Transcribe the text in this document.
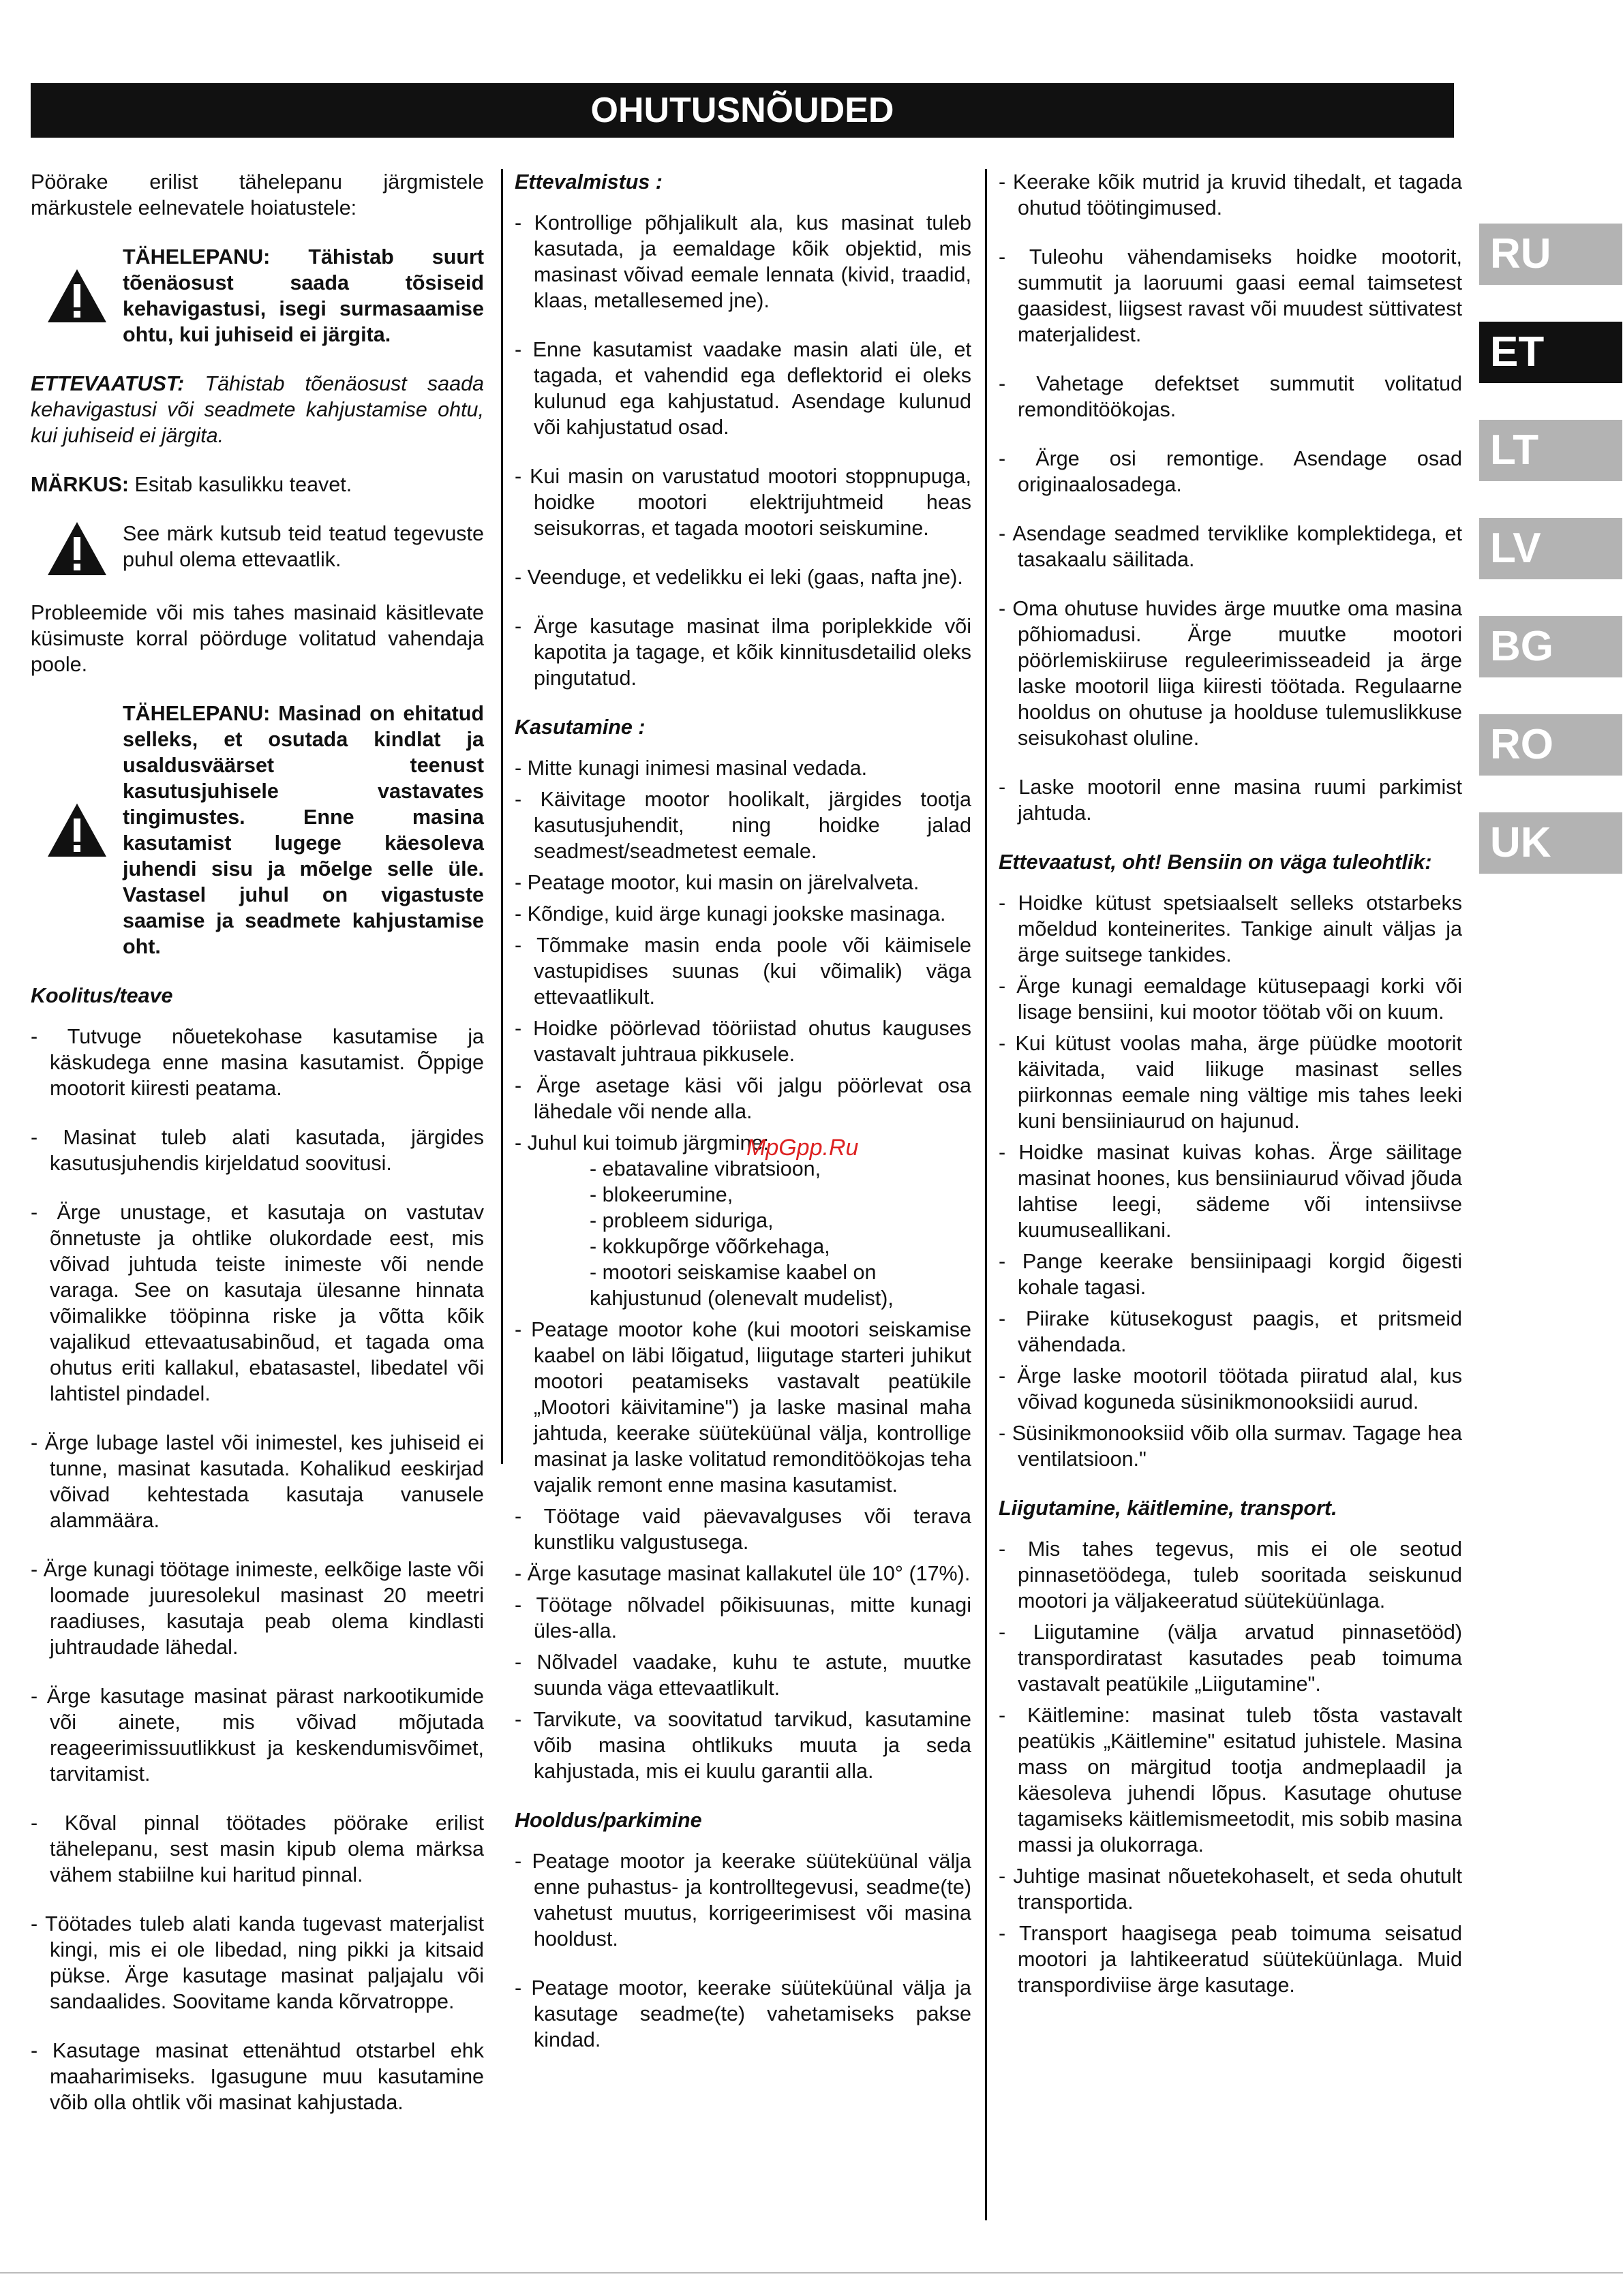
OHUTUSNÕUDED

Pöörake erilist tähelepanu järgmistele märkustele eelnevatele hoiatustele:

TÄHELEPANU: Tähistab suurt tõenäosust saada tõsiseid kehavigastusi, isegi surmasaamise ohtu, kui juhiseid ei järgita.

ETTEVAATUST: Tähistab tõenäosust saada kehavigastusi või seadmete kahjustamise ohtu, kui juhiseid ei järgita.

MÄRKUS: Esitab kasulikku teavet.

See märk kutsub teid teatud tegevuste puhul olema ettevaatlik.

Probleemide või mis tahes masinaid käsitlevate küsimuste korral pöörduge volitatud vahendaja poole.

TÄHELEPANU: Masinad on ehitatud selleks, et osutada kindlat ja usaldusväärset teenust kasutusjuhisele vastavates tingimustes. Enne masina kasutamist lugege käesoleva juhendi sisu ja mõelge selle üle. Vastasel juhul on vigastuste saamise ja seadmete kahjustamise oht.
Koolitus/teave

- Tutvuge nõuetekohase kasutamise ja käskudega enne masina kasutamist. Õppige mootorit kiiresti peatama.

- Masinat tuleb alati kasutada, järgides kasutusjuhendis kirjeldatud soovitusi.

- Ärge unustage, et kasutaja on vastutav õnnetuste ja ohtlike olukordade eest, mis võivad juhtuda teiste inimeste või nende varaga. See on kasutaja ülesanne hinnata võimalikke tööpinna riske ja võtta kõik vajalikud ettevaatusabinõud, et tagada oma ohutus eriti kallakul, ebatasastel, libedatel või lahtistel pindadel.

- Ärge lubage lastel või inimestel, kes juhiseid ei tunne, masinat kasutada. Kohalikud eeskirjad võivad kehtestada kasutaja vanusele alammäära.

- Ärge kunagi töötage inimeste, eelkõige laste või loomade juuresolekul masinast 20 meetri raadiuses, kasutaja peab olema kindlasti juhtraudade lähedal.

- Ärge kasutage masinat pärast narkootikumide või ainete, mis võivad mõjutada reageerimissuutlikkust ja keskendumisvõimet, tarvitamist.

- Kõval pinnal töötades pöörake erilist tähelepanu, sest masin kipub olema märksa vähem stabiilne kui haritud pinnal.

- Töötades tuleb alati kanda tugevast materjalist kingi, mis ei ole libedad, ning pikki ja kitsaid pükse. Ärge kasutage masinat paljajalu või sandaalides. Soovitame kanda kõrvatroppe.

- Kasutage masinat ettenähtud otstarbel ehk maaharimiseks. Igasugune muu kasutamine võib olla ohtlik või masinat kahjustada.

Ettevalmistus :

- Kontrollige põhjalikult ala, kus masinat tuleb kasutada, ja eemaldage kõik objektid, mis masinast võivad eemale lennata (kivid, traadid, klaas, metallesemed jne).

- Enne kasutamist vaadake masin alati üle, et tagada, et vahendid ega deflektorid ei oleks kulunud ega kahjustatud. Asendage kulunud või kahjustatud osad.

- Kui masin on varustatud mootori stoppnupuga, hoidke mootori elektrijuhtmeid heas seisukorras, et tagada mootori seiskumine.

- Veenduge, et vedelikku ei leki (gaas, nafta jne).

- Ärge kasutage masinat ilma poriplekkide või kapotita ja tagage, et kõik kinnitusdetailid oleks pingutatud.

Kasutamine :

- Mitte kunagi inimesi masinal vedada.

- Käivitage mootor hoolikalt, järgides tootja kasutusjuhendit, ning hoidke jalad seadmest/seadmetest eemale.

- Peatage mootor, kui masin on järelvalveta.

- Kõndige, kuid ärge kunagi jookske masinaga.

- Tõmmake masin enda poole või käimisele vastupidises suunas (kui võimalik) väga ettevaatlikult.

- Hoidke pöörlevad tööriistad ohutus kauguses vastavalt juhtraua pikkusele.

- Ärge asetage käsi või jalgu pöörlevat osa lähedale või nende alla.

- Juhul kui toimub järgmine:

- ebatavaline vibratsioon,

- blokeerumine,

- probleem siduriga,

- kokkupõrge võõrkehaga,

- mootori seiskamise kaabel on kahjustunud (olenevalt mudelist),

- Peatage mootor kohe (kui mootori seiskamise kaabel on läbi lõigatud, liigutage starteri juhikut mootori peatamiseks vastavalt peatükile „Mootori käivitamine") ja laske masinal maha jahtuda, keerake süüteküünal välja, kontrollige masinat ja laske volitatud remonditöökojas teha vajalik remont enne masina kasutamist.

- Töötage vaid päevavalguses või terava kunstliku valgustusega.

- Ärge kasutage masinat kallakutel üle 10° (17%).

- Töötage nõlvadel põikisuunas, mitte kunagi üles-alla.

- Nõlvadel vaadake, kuhu te astute, muutke suunda väga ettevaatlikult.

- Tarvikute, va soovitatud tarvikud, kasutamine võib masina ohtlikuks muuta ja seda kahjustada, mis ei kuulu garantii alla.

Hooldus/parkimine

- Peatage mootor ja keerake süüteküünal välja enne puhastus- ja kontrolltegevusi, seadme(te) vahetust muutus, korrigeerimisest või masina hooldust.

- Peatage mootor, keerake süüteküünal välja ja kasutage seadme(te) vahetamiseks pakse kindad.

- Keerake kõik mutrid ja kruvid tihedalt, et tagada ohutud töötingimused.

- Tuleohu vähendamiseks hoidke mootorit, summutit ja laoruumi gaasi eemal taimsetest gaasidest, liigsest ravast või muudest süttivatest materjalidest.

- Vahetage defektset summutit volitatud remonditöökojas.

- Ärge osi remontige. Asendage osad originaalosadega.

- Asendage seadmed terviklike komplektidega, et tasakaalu säilitada.

- Oma ohutuse huvides ärge muutke oma masina põhiomadusi. Ärge muutke mootori pöörlemiskiiruse reguleerimisseadeid ja ärge laske mootoril liiga kiiresti töötada. Regulaarne hooldus on ohutuse ja hoolduse tulemuslikkuse seisukohast oluline.

- Laske mootoril enne masina ruumi parkimist jahtuda.

Ettevaatust, oht! Bensiin on väga tuleohtlik:

- Hoidke kütust spetsiaalselt selleks otstarbeks mõeldud konteinerites. Tankige ainult väljas ja ärge suitsege tankides.

- Ärge kunagi eemaldage kütusepaagi korki või lisage bensiini, kui mootor töötab või on kuum.

- Kui kütust voolas maha, ärge püüdke mootorit käivitada, vaid liikuge masinast selles piirkonnas eemale ning vältige mis tahes leeki kuni bensiiniaurud on hajunud.

- Hoidke masinat kuivas kohas. Ärge säilitage masinat hoones, kus bensiiniaurud võivad jõuda lahtise leegi, sädeme või intensiivse kuumuseallikani.

- Pange keerake bensiinipaagi korgid õigesti kohale tagasi.

- Piirake kütusekogust paagis, et pritsmeid vähendada.

- Ärge laske mootoril töötada piiratud alal, kus võivad koguneda süsinikmonooksiidi aurud.

- Süsinikmonooksiid võib olla surmav. Tagage hea ventilatsioon."

Liigutamine, käitlemine, transport.

- Mis tahes tegevus, mis ei ole seotud pinnasetöödega, tuleb sooritada seiskunud mootori ja väljakeeratud süüteküünlaga.

- Liigutamine (välja arvatud pinnasetööd) transpordiratast kasutades peab toimuma vastavalt peatükile „Liigutamine".

- Käitlemine: masinat tuleb tõsta vastavalt peatükis „Käitlemine" esitatud juhistele. Masina mass on märgitud tootja andmeplaadil ja käesoleva juhendi lõpus. Kasutage ohutuse tagamiseks käitlemismeetodit, mis sobib masina massi ja olukorraga.

- Juhtige masinat nõuetekohaselt, et seda ohutult transportida.

- Transport haagisega peab toimuma seisatud mootori ja lahtikeeratud süüteküünlaga. Muid transpordiviise ärge kasutage.

RU
ET
LT
LV
BG
RO
UK
MpGpp.Ru
